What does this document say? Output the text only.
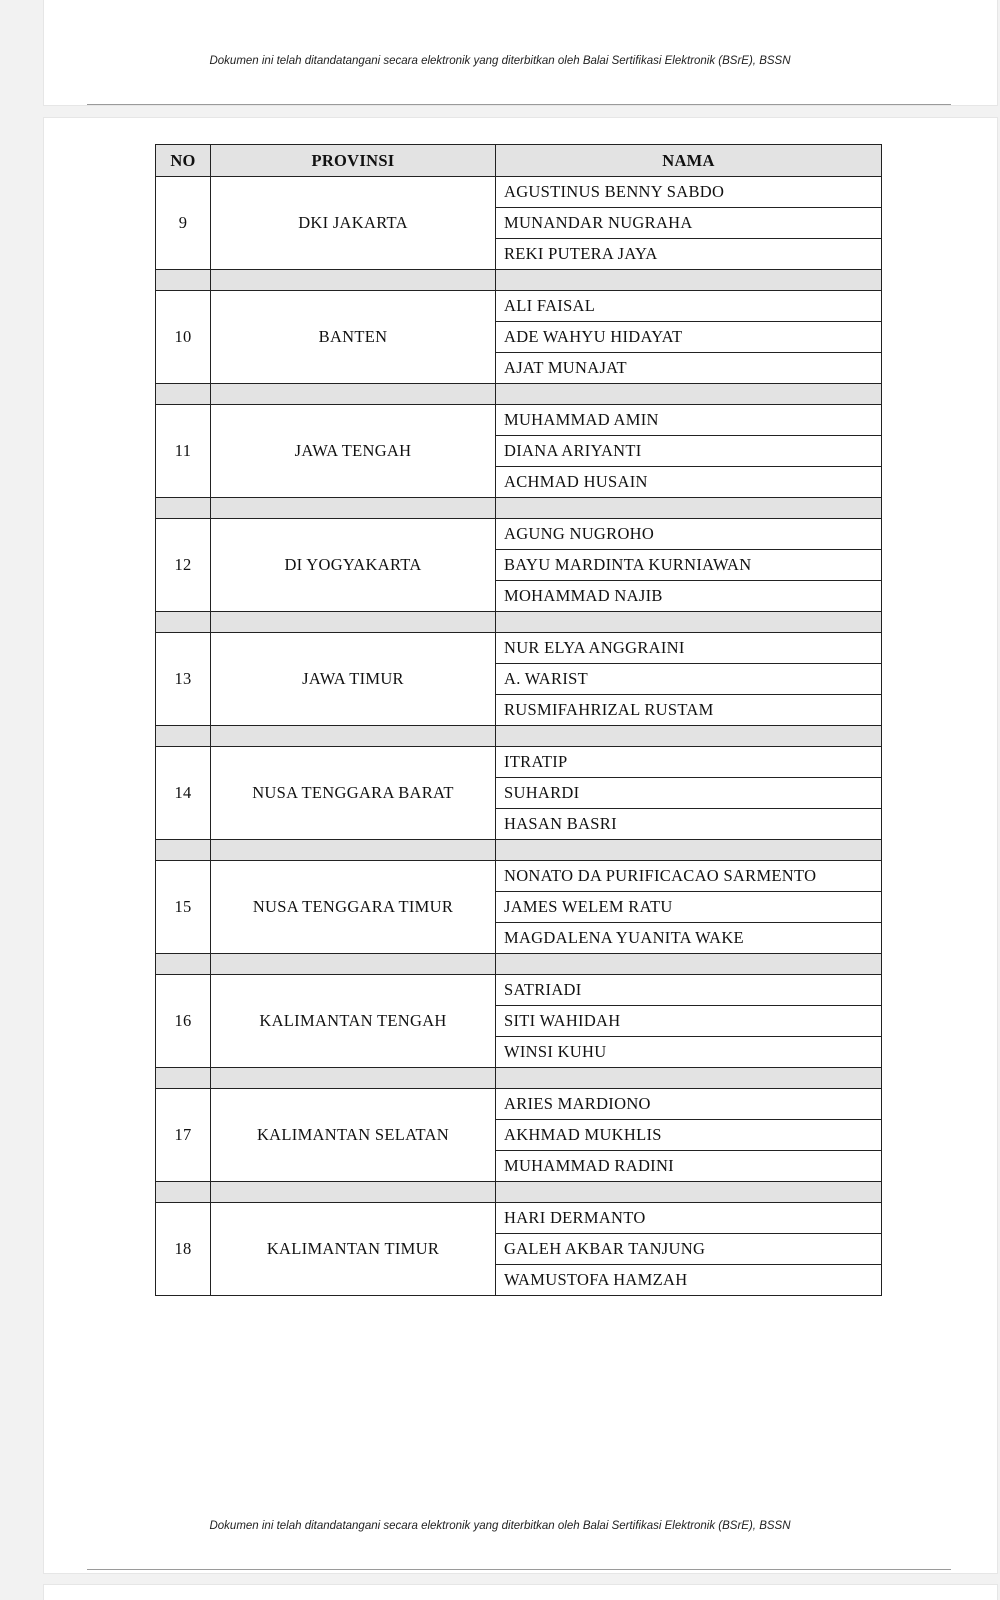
Dokumen ini telah ditandatangani secara elektronik yang diterbitkan oleh Balai Sertifikasi Elektronik (BSrE), BSSN
NO	PROVINSI	NAMA
9	DKI JAKARTA	AGUSTINUS BENNY SABDO
		MUNANDAR NUGRAHA
		REKI PUTERA JAYA

10	BANTEN	ALI FAISAL
		ADE WAHYU HIDAYAT
		AJAT MUNAJAT

11	JAWA TENGAH	MUHAMMAD AMIN
		DIANA ARIYANTI
		ACHMAD HUSAIN

12	DI YOGYAKARTA	AGUNG NUGROHO
		BAYU MARDINTA KURNIAWAN
		MOHAMMAD NAJIB

13	JAWA TIMUR	NUR ELYA ANGGRAINI
		A. WARIST
		RUSMIFAHRIZAL RUSTAM

14	NUSA TENGGARA BARAT	ITRATIP
		SUHARDI
		HASAN BASRI

15	NUSA TENGGARA TIMUR	NONATO DA PURIFICACAO SARMENTO
		JAMES WELEM RATU
		MAGDALENA YUANITA WAKE

16	KALIMANTAN TENGAH	SATRIADI
		SITI WAHIDAH
		WINSI KUHU

17	KALIMANTAN SELATAN	ARIES MARDIONO
		AKHMAD MUKHLIS
		MUHAMMAD RADINI

18	KALIMANTAN TIMUR	HARI DERMANTO
		GALEH AKBAR TANJUNG
		WAMUSTOFA HAMZAH
Dokumen ini telah ditandatangani secara elektronik yang diterbitkan oleh Balai Sertifikasi Elektronik (BSrE), BSSN
